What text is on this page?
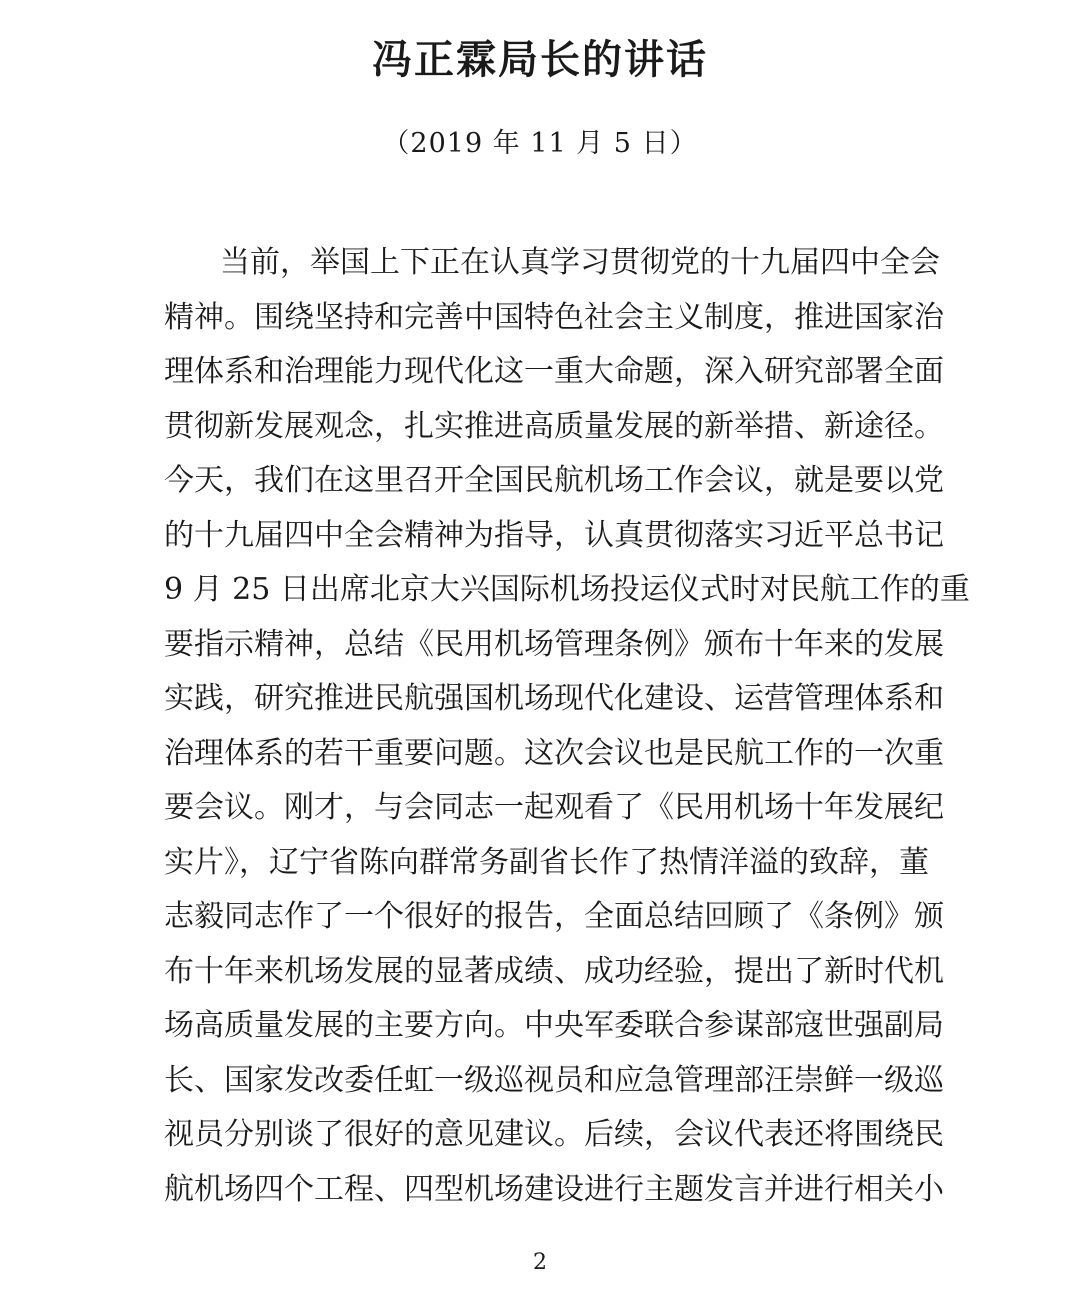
冯正霖局长的讲话
（2019 年 11 月 5 日）
当前，举国上下正在认真学习贯彻党的十九届四中全会
精神。围绕坚持和完善中国特色社会主义制度，推进国家治
理体系和治理能力现代化这一重大命题，深入研究部署全面
贯彻新发展观念，扎实推进高质量发展的新举措、新途径。
今天，我们在这里召开全国民航机场工作会议，就是要以党
的十九届四中全会精神为指导，认真贯彻落实习近平总书记
9 月 25 日出席北京大兴国际机场投运仪式时对民航工作的重
要指示精神，总结《民用机场管理条例》颁布十年来的发展
实践，研究推进民航强国机场现代化建设、运营管理体系和
治理体系的若干重要问题。这次会议也是民航工作的一次重
要会议。刚才，与会同志一起观看了《民用机场十年发展纪
实片》，辽宁省陈向群常务副省长作了热情洋溢的致辞，董
志毅同志作了一个很好的报告，全面总结回顾了《条例》颁
布十年来机场发展的显著成绩、成功经验，提出了新时代机
场高质量发展的主要方向。中央军委联合参谋部寇世强副局
长、国家发改委任虹一级巡视员和应急管理部汪崇鲜一级巡
视员分别谈了很好的意见建议。后续，会议代表还将围绕民
航机场四个工程、四型机场建设进行主题发言并进行相关小
2
